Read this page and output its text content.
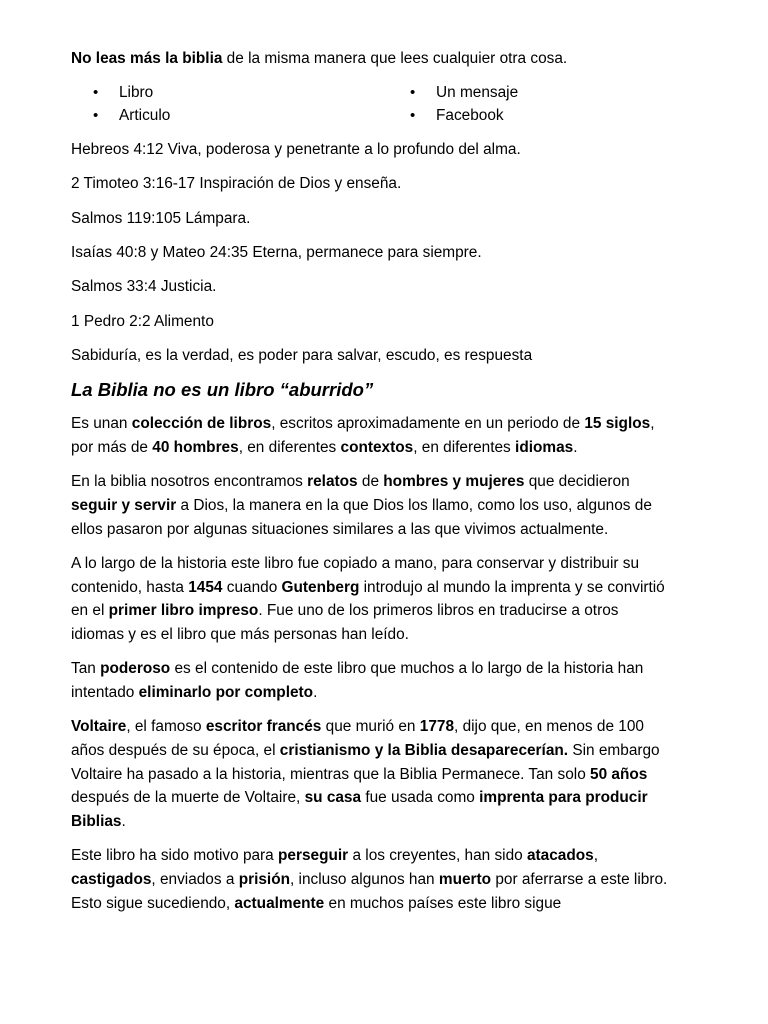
No leas más la biblia de la misma manera que lees cualquier otra cosa.

•
Libro •	Un mensaje
•
Articulo •	Facebook

Hebreos 4:12 Viva, poderosa y penetrante a lo profundo del alma.

2 Timoteo 3:16-17 Inspiración de Dios y enseña.

Salmos 119:105 Lámpara.

Isaías 40:8 y Mateo 24:35 Eterna, permanece para siempre.

Salmos 33:4 Justicia.

1 Pedro 2:2 Alimento

Sabiduría, es la verdad, es poder para salvar, escudo, es respuesta

La Biblia no es un libro “aburrido”

Es unan colección de libros, escritos aproximadamente en un periodo de 15 siglos, por más de 40 hombres, en diferentes contextos, en diferentes idiomas.

En la biblia nosotros encontramos relatos de hombres y mujeres que decidieron seguir y servir a Dios, la manera en la que Dios los llamo, como los uso, algunos de ellos pasaron por algunas situaciones similares a las que vivimos actualmente.

A lo largo de la historia este libro fue copiado a mano, para conservar y distribuir su contenido, hasta 1454 cuando Gutenberg introdujo al mundo la imprenta y se convirtió en el primer libro impreso. Fue uno de los primeros libros en traducirse a otros idiomas y es el libro que más personas han leído.

Tan poderoso es el contenido de este libro que muchos a lo largo de la historia han intentado eliminarlo por completo.

Voltaire, el famoso escritor francés que murió en 1778, dijo que, en menos de 100 años después de su época, el cristianismo y la Biblia desaparecerían. Sin embargo Voltaire ha pasado a la historia, mientras que la Biblia Permanece. Tan solo 50 años después de la muerte de Voltaire, su casa fue usada como imprenta para producir Biblias.

Este libro ha sido motivo para perseguir a los creyentes, han sido atacados, castigados, enviados a prisión, incluso algunos han muerto por aferrarse a este libro. Esto sigue sucediendo, actualmente en muchos países este libro sigue
